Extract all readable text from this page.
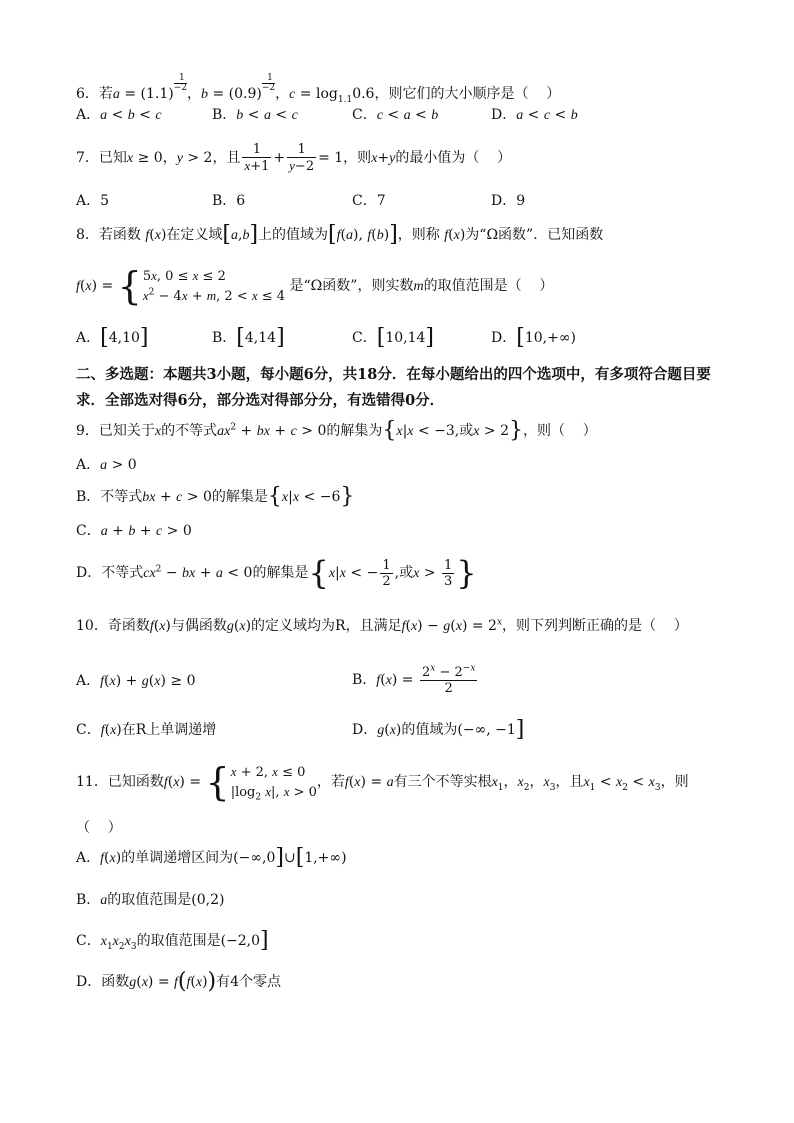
6．若a = (1.1)
$\frac{1}{-2}$
，b = (0.9)
$\frac{1}{-2}$
，$c = \log_{1.1}0.6$，则它们的大小顺序是（    ）
A．a < b < c	B．b < a < c	C．c < a < b	D．a < c < b
7．已知x ≥ 0，y > 2，且 $\frac{1}{x+1} + \frac{1}{y-2} = 1$，则x+y的最小值为（    ）
A．5	B．6	C．7	D．9
8．若函数 f(x)在定义域[a,b]上的值域为[f(a), f(b)]，则称 f(x)为“Ω函数”．已知函数
f(x) = { 5x, 0 ≤ x ≤ 2
$x^2 - 4x + m$, 2 < x ≤ 4
是“Ω函数”，则实数m的取值范围是（    ）
A．[4,10]	B．[4,14]	C．[10,14]	D．[10,+∞)
二、多选题：本题共3小题，每小题6分，共18分．在每小题给出的四个选项中，有多项符合题目要求．全部选对得6分，部分选对得部分分，有选错得0分．
9．已知关于x的不等式$ax^2$ + bx + c > 0的解集为{x|x < −3,或x > 2}，则（    ）
A．a > 0
B．不等式bx + c > 0的解集是{x|x < −6}
C．a + b + c > 0
D．不等式$cx^2$ − bx + a < 0的解集是{x|x < − $\frac{1}{2}$ ,或$x > \frac{1}{3}$ }
10．奇函数f(x)与偶函数g(x)的定义域均为R，且满足$f(x) - g(x) = 2^x$，则下列判断正确的是（    ）
A．f(x) + g(x) ≥ 0	B．$f(x) = \frac{2^x - 2^{-x}}{2}$
C．f(x)在R上单调递增	D．g(x)的值域为(−∞, −1]
11．已知函数f(x) = { x + 2, x ≤ 0
$|\log_2$ x|, x > 0
，若f(x) = a有三个不等实根$x_1$，$x_2$，$x_3$，且$x_1 < x_2 < x_3$，则
（    ）
A．f(x)的单调递增区间为(−∞,0]∪[1,+∞)
B．a的取值范围是(0,2)
C．$x_1x_2x_3$的取值范围是(−2,0]
D．函数g(x) = f(f(x))有4个零点
